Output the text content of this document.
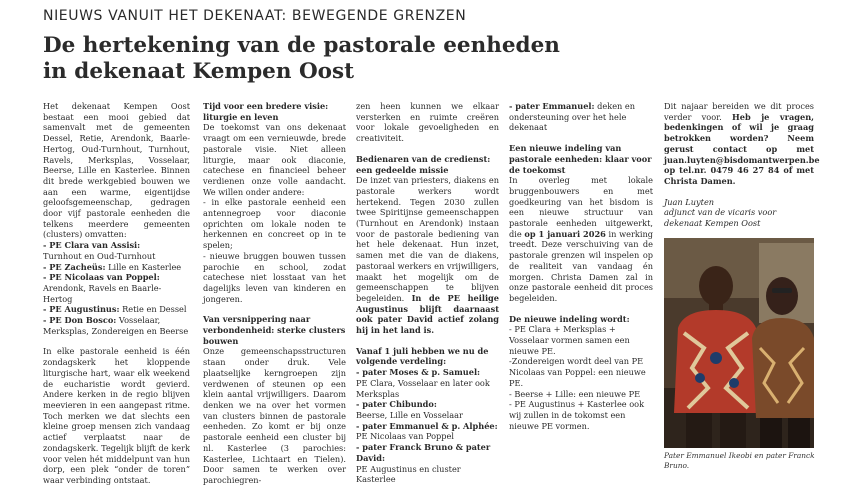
NIEUWS VANUIT HET DEKENAAT: BEWEGENDE GRENZEN
De hertekening van de pastorale eenheden
in dekenaat Kempen Oost

Het dekenaat Kempen Oost bestaat een mooi gebied dat samenvalt met de gemeenten Dessel, Retie, Arendonk, Baarle-Hertog, Oud-Turnhout, Turnhout, Ravels, Merksplas, Vosselaar, Beerse, Lille en Kasterlee. Binnen dit brede werkgebied bouwen we aan een warme, eigentijdse geloofsgemeenschap, gedragen door vijf pastorale eenheden die telkens meerdere gemeenten (clusters) omvatten:

- PE Clara van Assisi:
Turnhout en Oud-Turnhout

- PE Zacheüs: Lille en Kasterlee

- PE Nicolaas van Poppel:
Arendonk, Ravels en Baarle-Hertog

- PE Augustinus: Retie en Dessel

- PE Don Bosco: Vosselaar, Merksplas, Zondereigen en Beerse

In elke pastorale eenheid is één zondagskerk het kloppende liturgische hart, waar elk weekend de eucharistie wordt gevierd. Andere kerken in de regio blijven meevieren in een aangepast ritme. Toch merken we dat slechts een kleine groep mensen zich vandaag actief verplaatst naar de zondagskerk. Tegelijk blijft de kerk voor velen hét middelpunt van hun dorp, een plek “onder de toren” waar verbinding ontstaat.

Tijd voor een bredere visie: liturgie en leven

De toekomst van ons dekenaat vraagt om een vernieuwde, brede pastorale visie. Niet alleen liturgie, maar ook diaconie, catechese en financieel beheer verdienen onze volle aandacht. We willen onder andere:

- in elke pastorale eenheid een antennegroep voor diaconie oprichten om lokale noden te herkennen en concreet op in te spelen;

- nieuwe bruggen bouwen tussen parochie en school, zodat catechese niet losstaat van het dagelijks leven van kinderen en jongeren.

Van versnippering naar verbondenheid: sterke clusters bouwen

Onze gemeenschapsstructuren staan onder druk. Vele plaatselijke kerngroepen zijn verdwenen of steunen op een klein aantal vrijwilligers. Daarom denken we na over het vormen van clusters binnen de pastorale eenheden. Zo komt er bij onze pastorale eenheid een cluster bij nl. Kasterlee (3 parochies: Kasterlee, Lichtaart en Tielen). Door samen te werken over parochiegren-

zen heen kunnen we elkaar versterken en ruimte creëren voor lokale gevoeligheden en creativiteit.

Bedienaren van de credienst: een gedeelde missie

De inzet van priesters, diakens en pastorale werkers wordt hertekend. Tegen 2030 zullen twee Spiritijnse gemeenschappen (Turnhout en Arendonk) instaan voor de pastorale bediening van het hele dekenaat. Hun inzet, samen met die van de diakens, pastoraal werkers en vrijwilligers, maakt het mogelijk om de gemeenschappen te blijven begeleiden. In de PE heilige Augustinus blijft daarnaast ook pater David actief zolang hij in het land is.

Vanaf 1 juli hebben we nu de volgende verdeling:

- pater Moses & p. Samuel:
PE Clara, Vosselaar en later ook Merksplas

- pater Chibundo:
Beerse, Lille en Vosselaar

- pater Emmanuel & p. Alphée:
PE Nicolaas van Poppel

- pater Franck Bruno & pater David:
PE Augustinus en cluster Kasterlee

- pater Emmanuel: deken en ondersteuning over het hele dekenaat

Een nieuwe indeling van pastorale eenheden: klaar voor de toekomst

In overleg met lokale bruggenbouwers en met goedkeuring van het bisdom is een nieuwe structuur van pastorale eenheden uitgewerkt, die op 1 januari 2026 in werking treedt. Deze verschuiving van de pastorale grenzen wil inspelen op de realiteit van vandaag én morgen. Christa Damen zal in onze pastorale eenheid dit proces begeleiden.

De nieuwe indeling wordt:

- PE Clara + Merksplas + Vosselaar vormen samen een nieuwe PE.

-Zondereigen wordt deel van PE Nicolaas van Poppel: een nieuwe PE.

- Beerse + Lille: een nieuwe PE

- PE Augustinus + Kasterlee ook wij zullen in de tokomst een nieuwe PE vormen.

Dit najaar bereiden we dit proces verder voor. Heb je vragen, bedenkingen of wil je graag betrokken worden? Neem gerust contact op met juan.luyten@bisdomantwerpen.be op tel.nr. 0479 46 27 84 of met Christa Damen.

Juan Luyten

adjunct van de vicaris voor dekenaat Kempen Oost

Pater Emmanuel Ikeobi en pater Franck Bruno.
